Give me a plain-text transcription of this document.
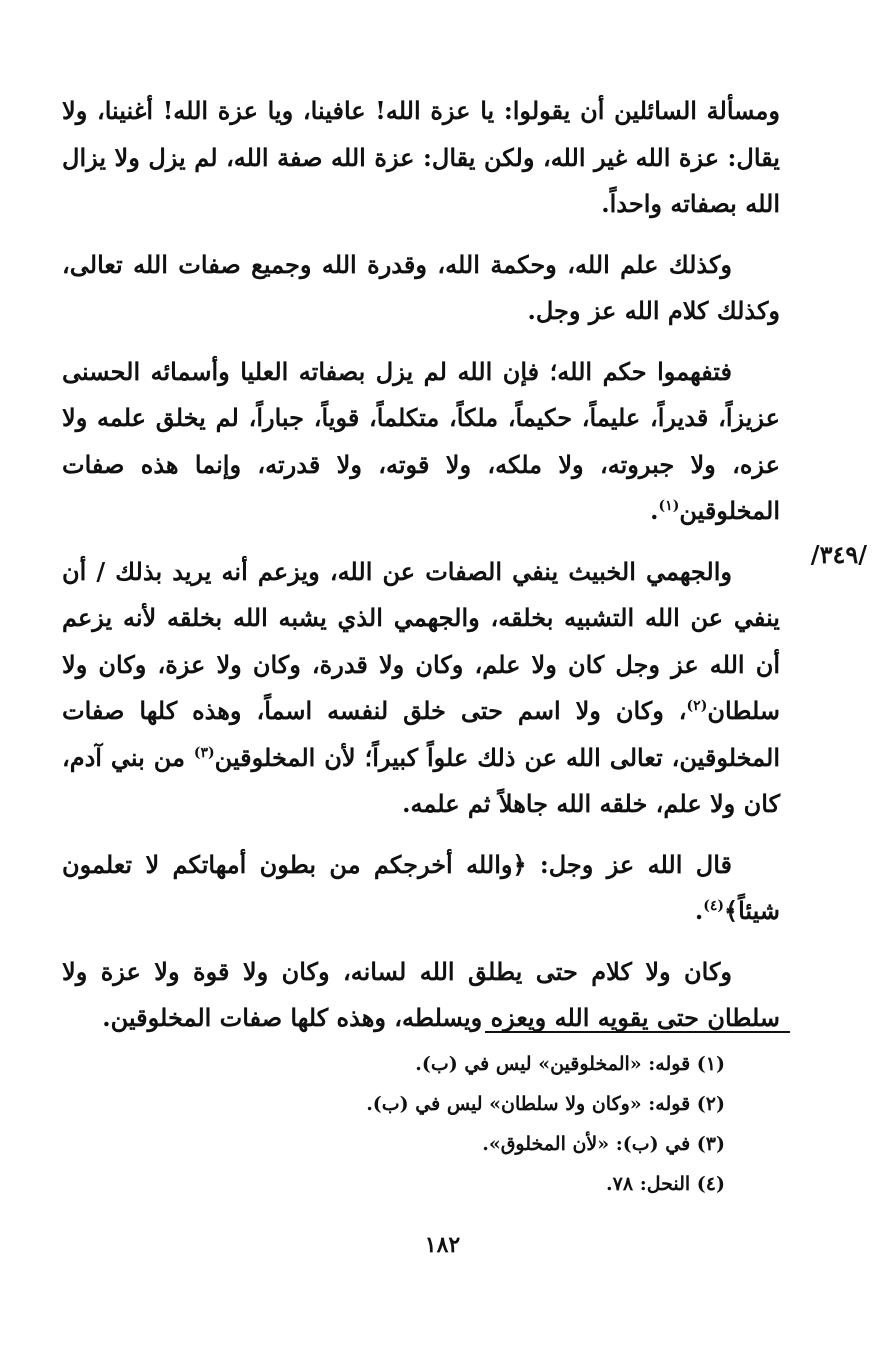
/٣٤٩/

ومسألة السائلين أن يقولوا: يا عزة الله! عافينا، ويا عزة الله! أغنينا، ولا يقال: عزة الله غير الله، ولكن يقال: عزة الله صفة الله، لم يزل ولا يزال الله بصفاته واحداً.

وكذلك علم الله، وحكمة الله، وقدرة الله وجميع صفات الله تعالى، وكذلك كلام الله عز وجل.

فتفهموا حكم الله؛ فإن الله لم يزل بصفاته العليا وأسمائه الحسنى عزيزاً، قديراً، عليماً، حكيماً، ملكاً، متكلماً، قوياً، جباراً، لم يخلق علمه ولا عزه، ولا جبروته، ولا ملكه، ولا قوته، ولا قدرته، وإنما هذه صفات المخلوقين$^{(١)}$.

والجهمي الخبيث ينفي الصفات عن الله، ويزعم أنه يريد بذلك / أن ينفي عن الله التشبيه بخلقه، والجهمي الذي يشبه الله بخلقه لأنه يزعم أن الله عز وجل كان ولا علم، وكان ولا قدرة، وكان ولا عزة، وكان ولا سلطان$^{(٢)}$، وكان ولا اسم حتى خلق لنفسه اسماً، وهذه كلها صفات المخلوقين، تعالى الله عن ذلك علواً كبيراً؛ لأن المخلوقين$^{(٣)}$ من بني آدم، كان ولا علم، خلقه الله جاهلاً ثم علمه.

قال الله عز وجل: ﴿والله أخرجكم من بطون أمهاتكم لا تعلمون شيئاً﴾$^{(٤)}$.

وكان ولا كلام حتى يطلق الله لسانه، وكان ولا قوة ولا عزة ولا سلطان حتى يقويه الله ويعزه ويسلطه، وهذه كلها صفات المخلوقين.

(١) قوله: «المخلوقين» ليس في (ب).

(٢) قوله: «وكان ولا سلطان» ليس في (ب).

(٣) في (ب): «لأن المخلوق».

(٤) النحل: ٧٨.

١٨٢
